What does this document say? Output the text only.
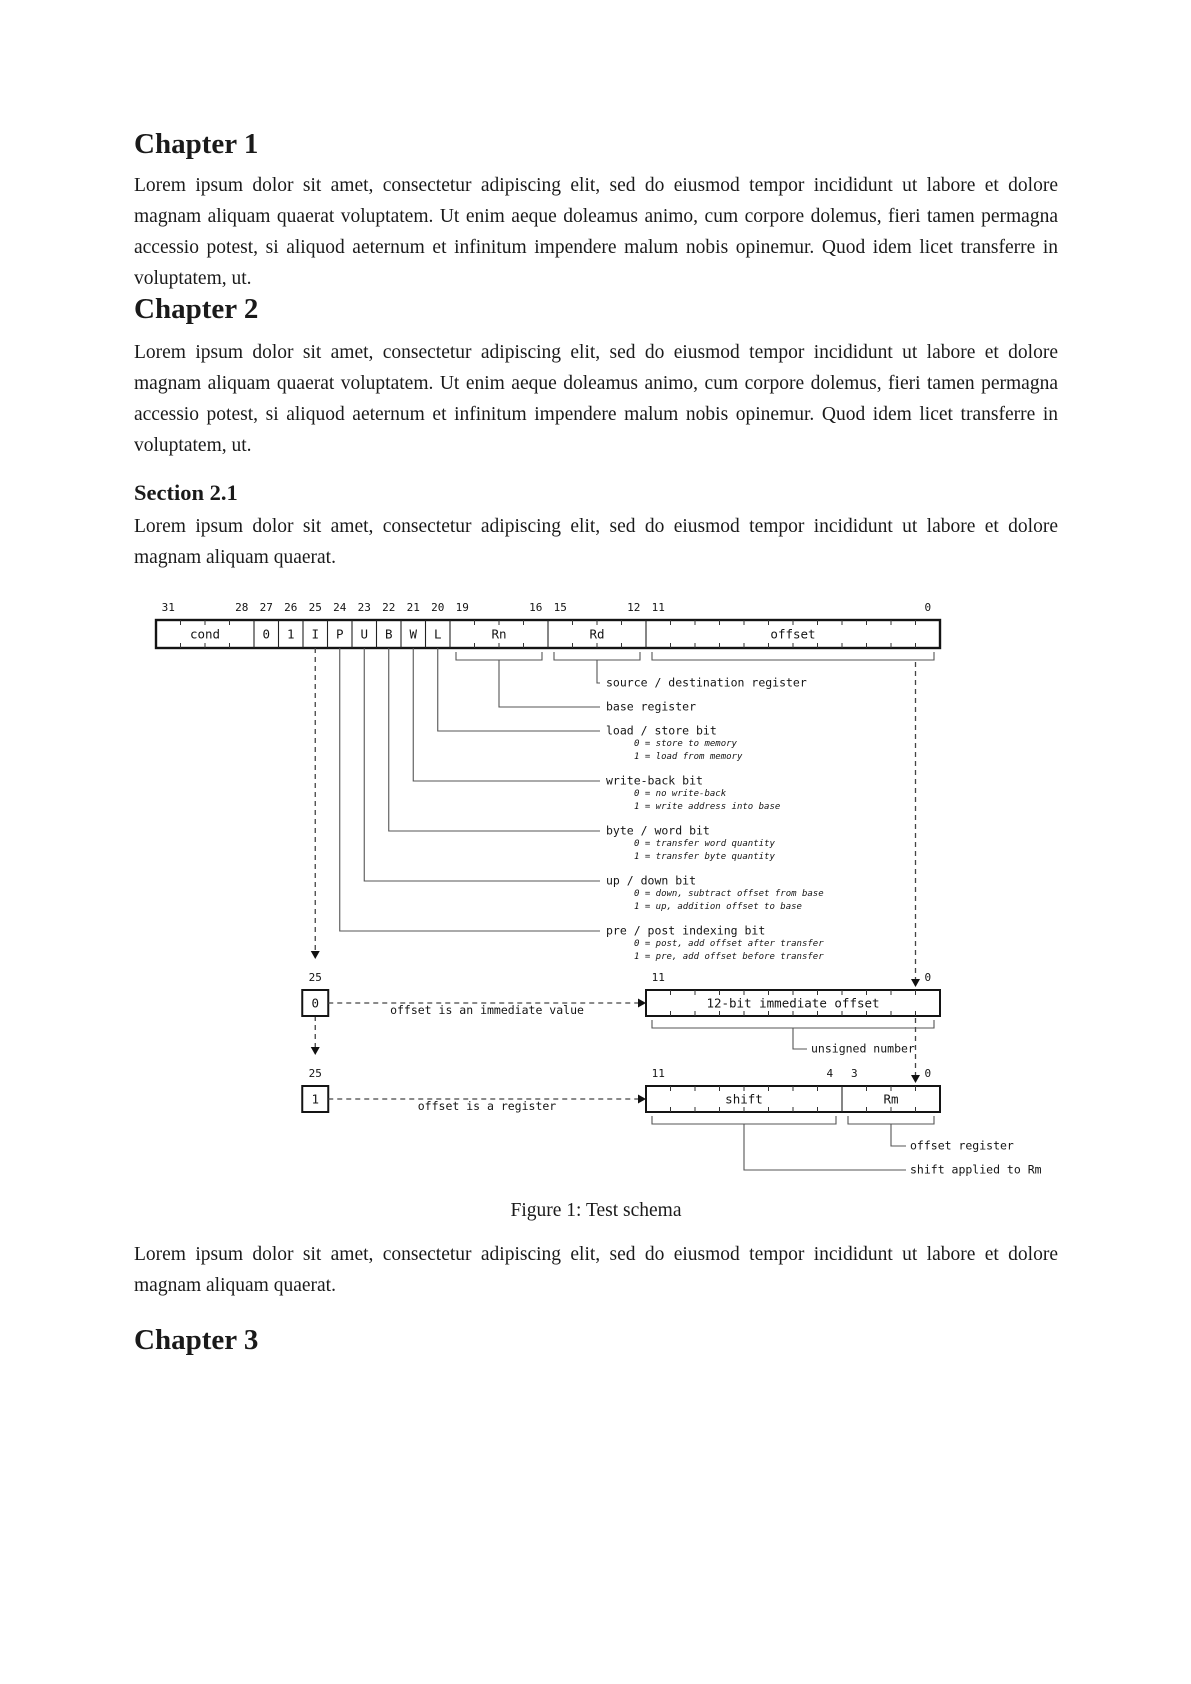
Chapter 1

Lorem ipsum dolor sit amet, consectetur adipiscing elit, sed do eiusmod tempor incididunt ut labore et dolore magnam aliquam quaerat voluptatem. Ut enim aeque doleamus animo, cum corpore dolemus, fieri tamen permagna accessio potest, si aliquod aeternum et infinitum impendere malum nobis opinemur. Quod idem licet transferre in voluptatem, ut.

Chapter 2

Lorem ipsum dolor sit amet, consectetur adipiscing elit, sed do eiusmod tempor incididunt ut labore et dolore magnam aliquam quaerat voluptatem. Ut enim aeque doleamus animo, cum corpore dolemus, fieri tamen permagna accessio potest, si aliquod aeternum et infinitum impendere malum nobis opinemur. Quod idem licet transferre in voluptatem, ut.

Section 2.1

Lorem ipsum dolor sit amet, consectetur adipiscing elit, sed do eiusmod tempor incididunt ut labore et dolore magnam aliquam quaerat.

cond
31	28
0
27
1
26
I
25
P
24
U
23
B
22
W
21
L
20
Rn
19	16
Rd
15	12
offset
11	0
source / destination register
base register
load / store bit
0 = store to memory
1 = load from memory
write-back bit
0 = no write-back
1 = write address into base
byte / word bit
0 = transfer word quantity
1 = transfer byte quantity
up / down bit
0 = down, subtract offset from base
1 = up, addition offset to base
pre / post indexing bit
0 = post, add offset after transfer
1 = pre, add offset before transfer
25
0	offset is an immediate value	12-bit immediate offset
11	0
unsigned number
25
1	offset is a register	shift
11	4
Rm
3	0
offset register
shift applied to Rm
Figure 1: Test schema

Lorem ipsum dolor sit amet, consectetur adipiscing elit, sed do eiusmod tempor incididunt ut labore et dolore magnam aliquam quaerat.

Chapter 3
